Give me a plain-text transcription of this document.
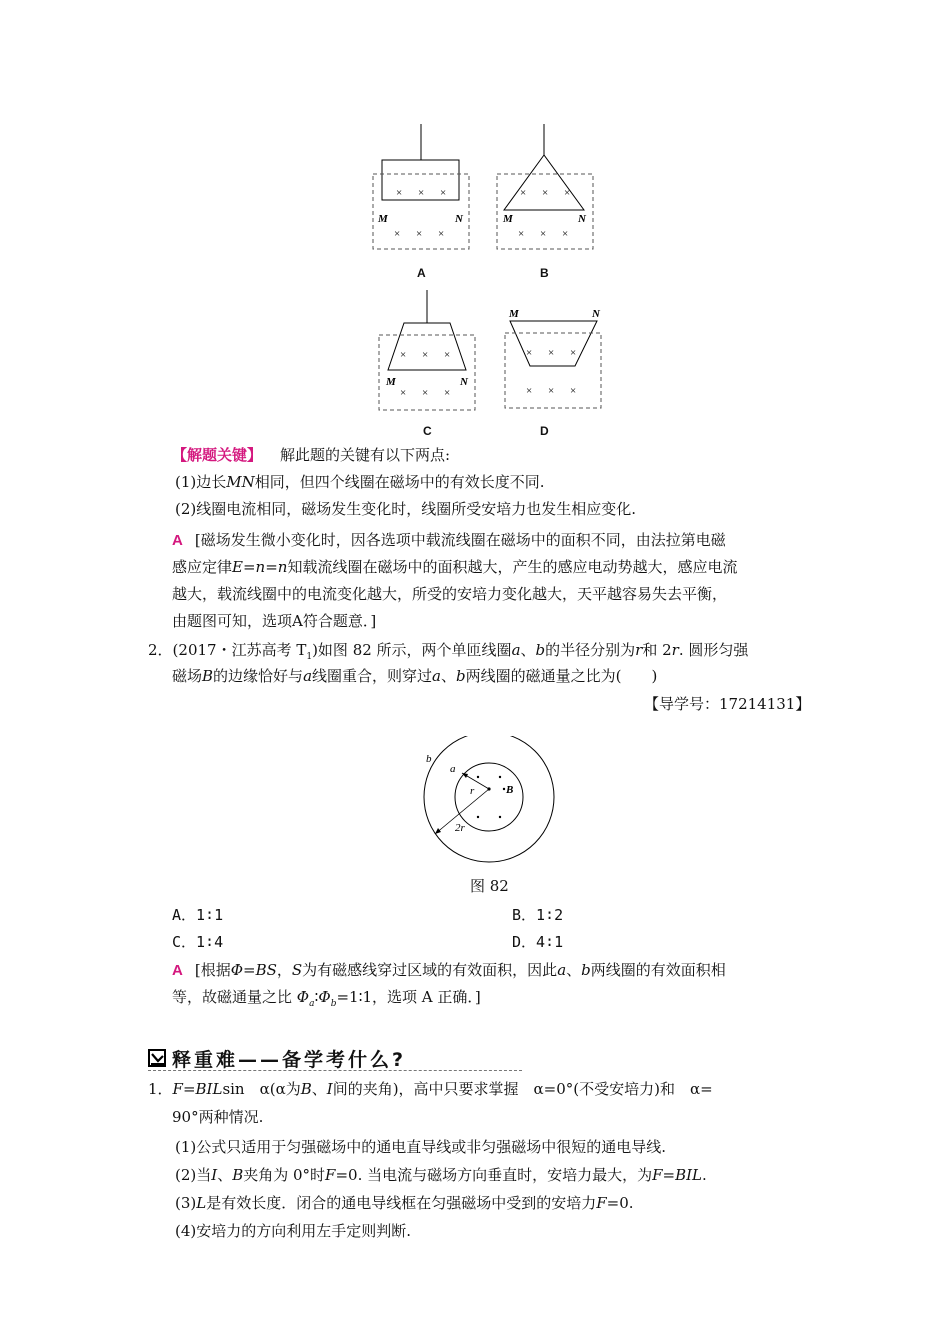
× × ×
× × ×
M	N
× × ×
× × ×
M	N
× × ×
× × ×
M	N
M	N
× × ×
× × ×
A	B
C	D
【解题关键】 解此题的关键有以下两点:
(1)边长MN相同，但四个线圈在磁场中的有效长度不同.
(2)线圈电流相同，磁场发生变化时，线圈所受安培力也发生相应变化.
A [磁场发生微小变化时，因各选项中载流线圈在磁场中的面积不同，由法拉第电磁
感应定律E=n=n知载流线圈在磁场中的面积越大，产生的感应电动势越大，感应电流
越大，载流线圈中的电流变化越大，所受的安培力变化越大，天平越容易失去平衡，
由题图可知，选项A符合题意．]
2．(2017・江苏高考 $T_1$)如图 82 所示，两个单匝线圈a、b的半径分别为r和 2r. 圆形匀强
磁场B的边缘恰好与a线圈重合，则穿过a、b两线圈的磁通量之比为(　　)
【导学号：17214131】
b
a
r	B
2r
图 82
A．1∶1	B．1∶2
C．1∶4	D．4∶1
A [根据Φ=BS，S为有磁感线穿过区域的有效面积，因此a、b两线圈的有效面积相
等，故磁通量之比 $\Phi_a∶\Phi_b=1∶1$，选项 A 正确．]
释重难——备学考什么?
1．F=BILsin　α(α为B、I间的夹角)，高中只要求掌握　α=0°(不受安培力)和　α=
90°两种情况.
(1)公式只适用于匀强磁场中的通电直导线或非匀强磁场中很短的通电导线.
(2)当I、B夹角为 0°时F=0. 当电流与磁场方向垂直时，安培力最大，为F=BIL.
(3)L是有效长度．闭合的通电导线框在匀强磁场中受到的安培力F=0.
(4)安培力的方向利用左手定则判断.
